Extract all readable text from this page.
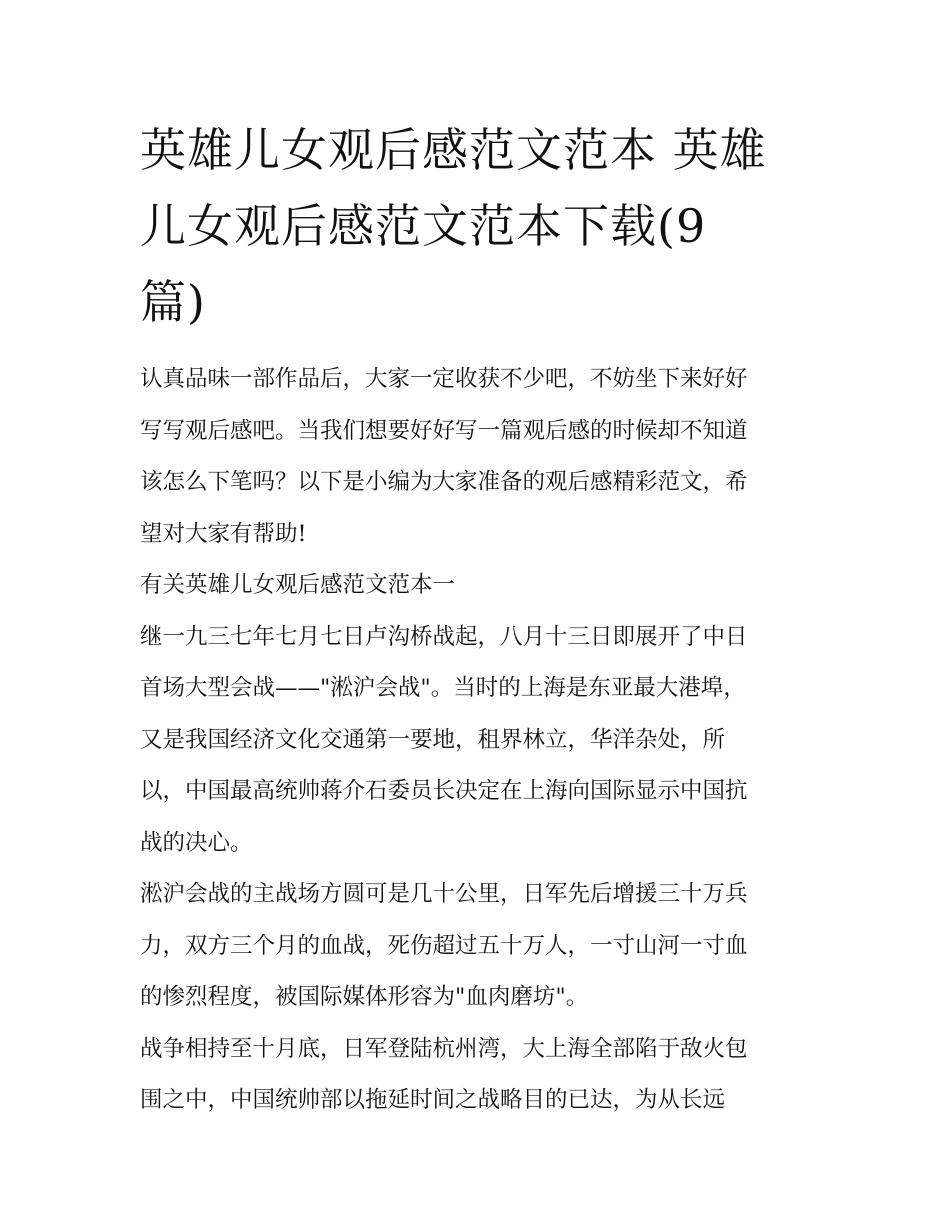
英雄儿女观后感范文范本 英雄
儿女观后感范文范本下载(9
篇)
认真品味一部作品后，大家一定收获不少吧，不妨坐下来好好
写写观后感吧。当我们想要好好写一篇观后感的时候却不知道
该怎么下笔吗？以下是小编为大家准备的观后感精彩范文，希
望对大家有帮助!
有关英雄儿女观后感范文范本一
继一九三七年七月七日卢沟桥战起，八月十三日即展开了中日
首场大型会战——"淞沪会战"。当时的上海是东亚最大港埠，
又是我国经济文化交通第一要地，租界林立，华洋杂处，所
以，中国最高统帅蒋介石委员长决定在上海向国际显示中国抗
战的决心。
淞沪会战的主战场方圆可是几十公里，日军先后增援三十万兵
力，双方三个月的血战，死伤超过五十万人，一寸山河一寸血
的惨烈程度，被国际媒体形容为"血肉磨坊"。
战争相持至十月底，日军登陆杭州湾，大上海全部陷于敌火包
围之中，中国统帅部以拖延时间之战略目的已达，为从长远
